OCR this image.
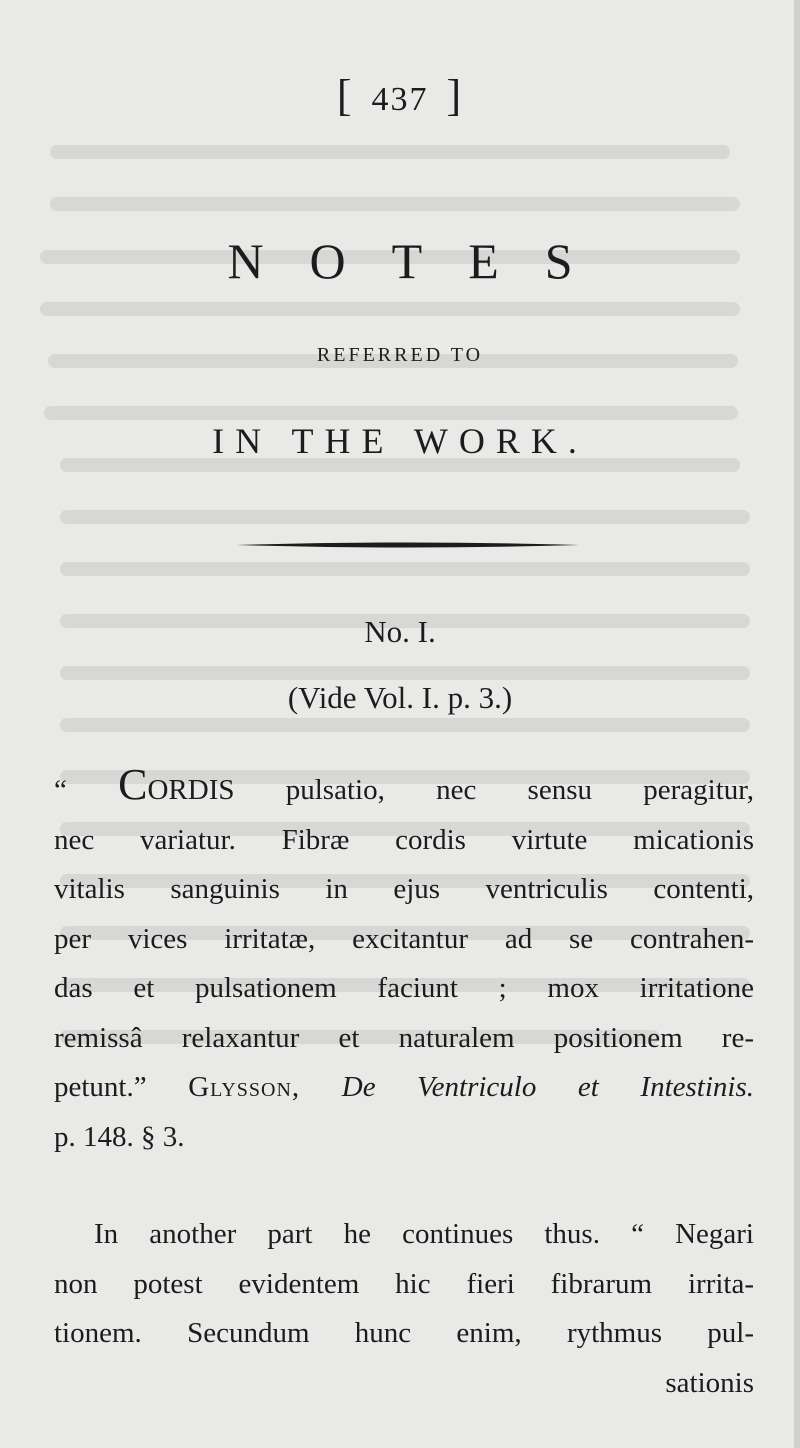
[ 437 ]
NOTES
REFERRED TO
IN THE WORK.
No. I.
(Vide Vol. I. p. 3.)
“ CORDIS pulsatio, nec sensu peragitur,
nec variatur. Fibræ cordis virtute micationis
vitalis sanguinis in ejus ventriculis contenti,
per vices irritatæ, excitantur ad se contrahen-
das et pulsationem faciunt ; mox irritatione
remissâ relaxantur et naturalem positionem re-
petunt.” Glysson, De Ventriculo et Intestinis.
p. 148. § 3.
In another part he continues thus. “ Negari
non potest evidentem hic fieri fibrarum irrita-
tionem. Secundum hunc enim, rythmus pul-
sationis
